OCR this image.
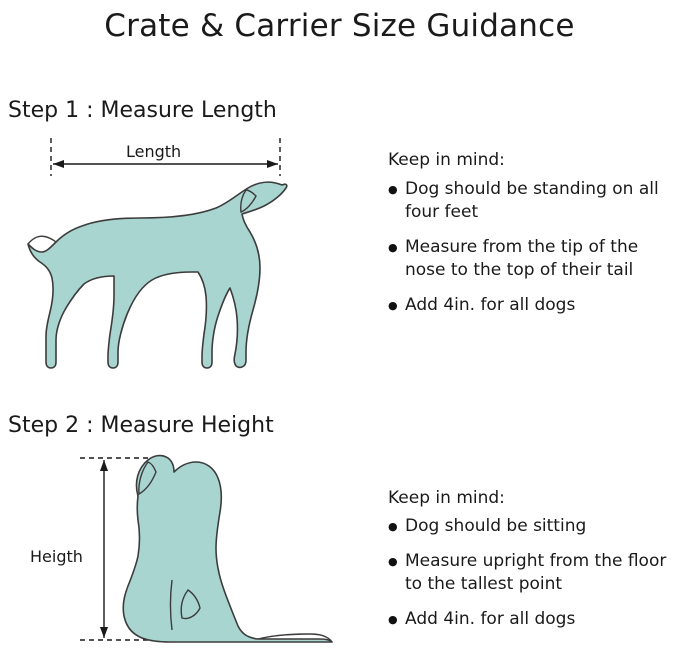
Crate & Carrier Size Guidance
Step 1 : Measure Length
Length	Keep in mind:
● Dog should be standing on all four feet
● Measure from the tip of the nose to the top of their tail
● Add 4in. for all dogs
Step 2 : Measure Height
Heigth
Keep in mind:
● Dog should be sitting
● Measure upright from the floor to the tallest point
● Add 4in. for all dogs
